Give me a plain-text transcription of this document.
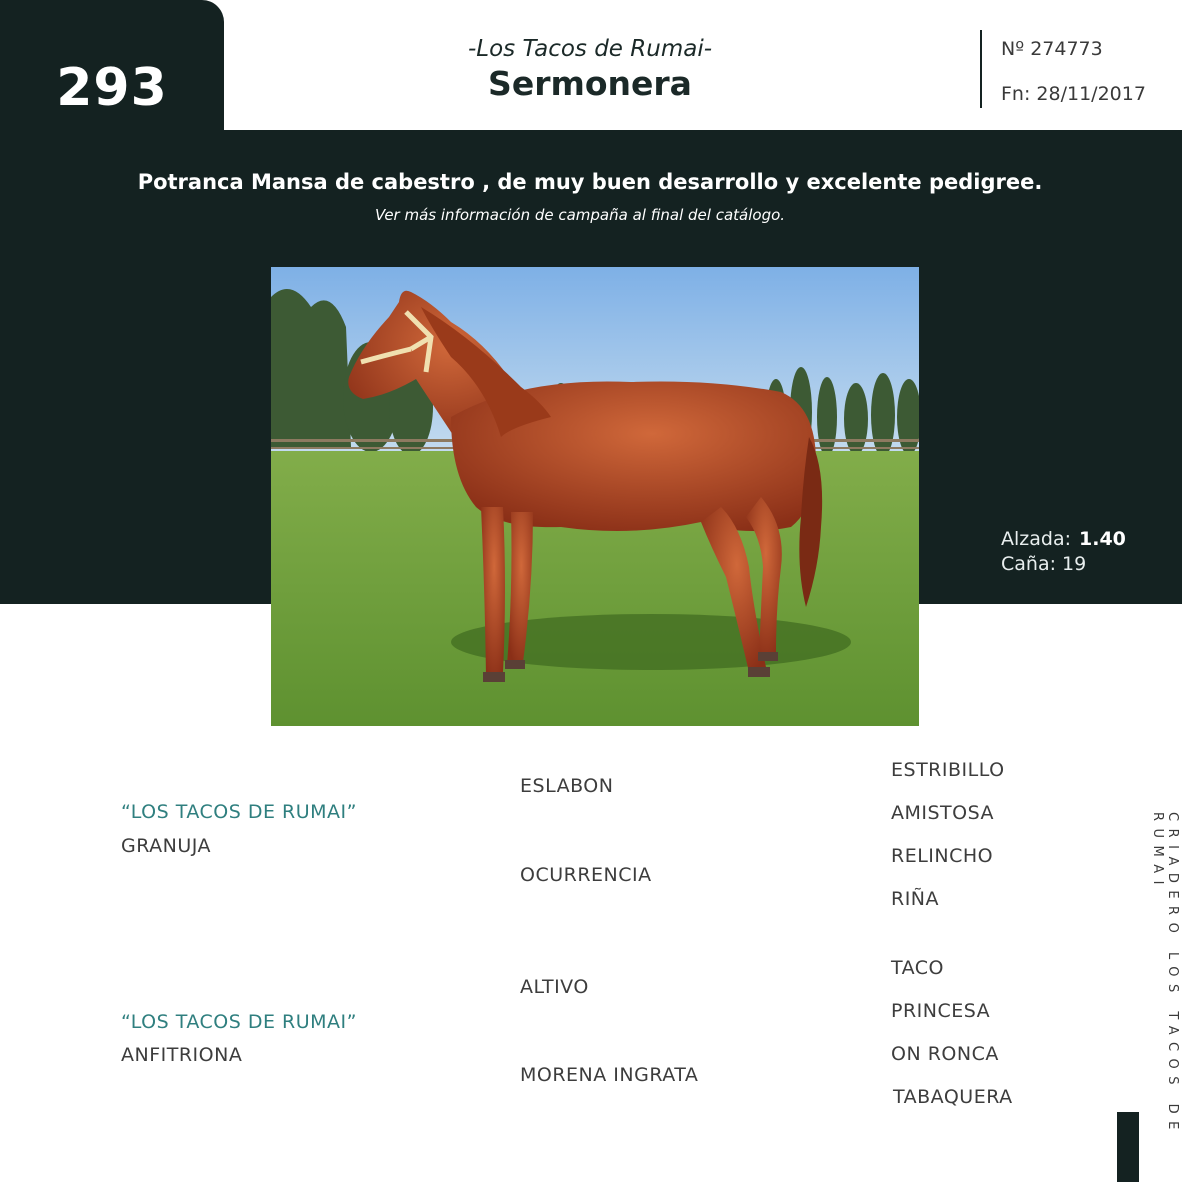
293
-Los Tacos de Rumai-
Sermonera
Nº 274773
Fn: 28/11/2017
Potranca Mansa de cabestro , de muy buen desarrollo y excelente pedigree.
Ver más información de campaña al final del catálogo.
Alzada: 1.40
Caña: 19
“LOS TACOS DE RUMAI”
GRANUJA
ESLABON
OCURRENCIA
ESTRIBILLO
AMISTOSA
RELINCHO
RIÑA
“LOS TACOS DE RUMAI”
ANFITRIONA
ALTIVO
MORENA INGRATA
TACO
PRINCESA
ON RONCA
TABAQUERA	CRIADERO LOS TACOS DE RUMAI
